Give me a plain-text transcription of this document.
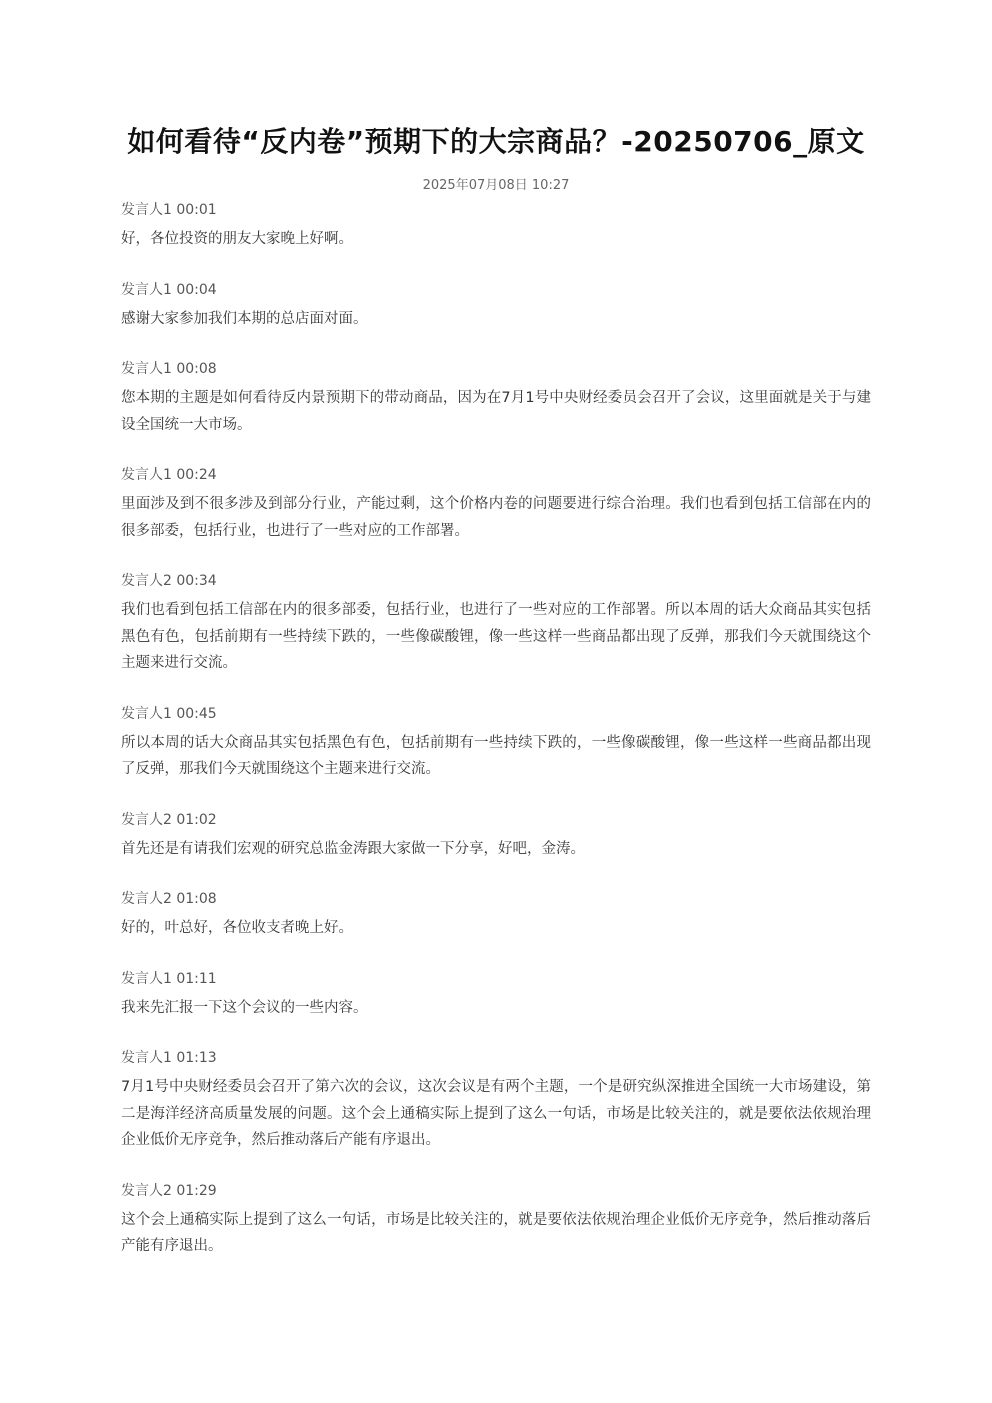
如何看待“反内卷”预期下的大宗商品？-20250706_原文
2025年07月08日 10:27
发言人1 00:01
好，各位投资的朋友大家晚上好啊。
发言人1 00:04
感谢大家参加我们本期的总店面对面。
发言人1 00:08
您本期的主题是如何看待反内景预期下的带动商品，因为在7月1号中央财经委员会召开了会议，这里面就是关于与建设全国统一大市场。
发言人1 00:24
里面涉及到不很多涉及到部分行业，产能过剩，这个价格内卷的问题要进行综合治理。我们也看到包括工信部在内的很多部委，包括行业，也进行了一些对应的工作部署。
发言人2 00:34
我们也看到包括工信部在内的很多部委，包括行业，也进行了一些对应的工作部署。所以本周的话大众商品其实包括黑色有色，包括前期有一些持续下跌的，一些像碳酸锂，像一些这样一些商品都出现了反弹，那我们今天就围绕这个主题来进行交流。
发言人1 00:45
所以本周的话大众商品其实包括黑色有色，包括前期有一些持续下跌的，一些像碳酸锂，像一些这样一些商品都出现了反弹，那我们今天就围绕这个主题来进行交流。
发言人2 01:02
首先还是有请我们宏观的研究总监金涛跟大家做一下分享，好吧，金涛。
发言人2 01:08
好的，叶总好，各位收支者晚上好。
发言人1 01:11
我来先汇报一下这个会议的一些内容。
发言人1 01:13
7月1号中央财经委员会召开了第六次的会议，这次会议是有两个主题，一个是研究纵深推进全国统一大市场建设，第二是海洋经济高质量发展的问题。这个会上通稿实际上提到了这么一句话，市场是比较关注的，就是要依法依规治理企业低价无序竞争，然后推动落后产能有序退出。
发言人2 01:29
这个会上通稿实际上提到了这么一句话，市场是比较关注的，就是要依法依规治理企业低价无序竞争，然后推动落后产能有序退出。
